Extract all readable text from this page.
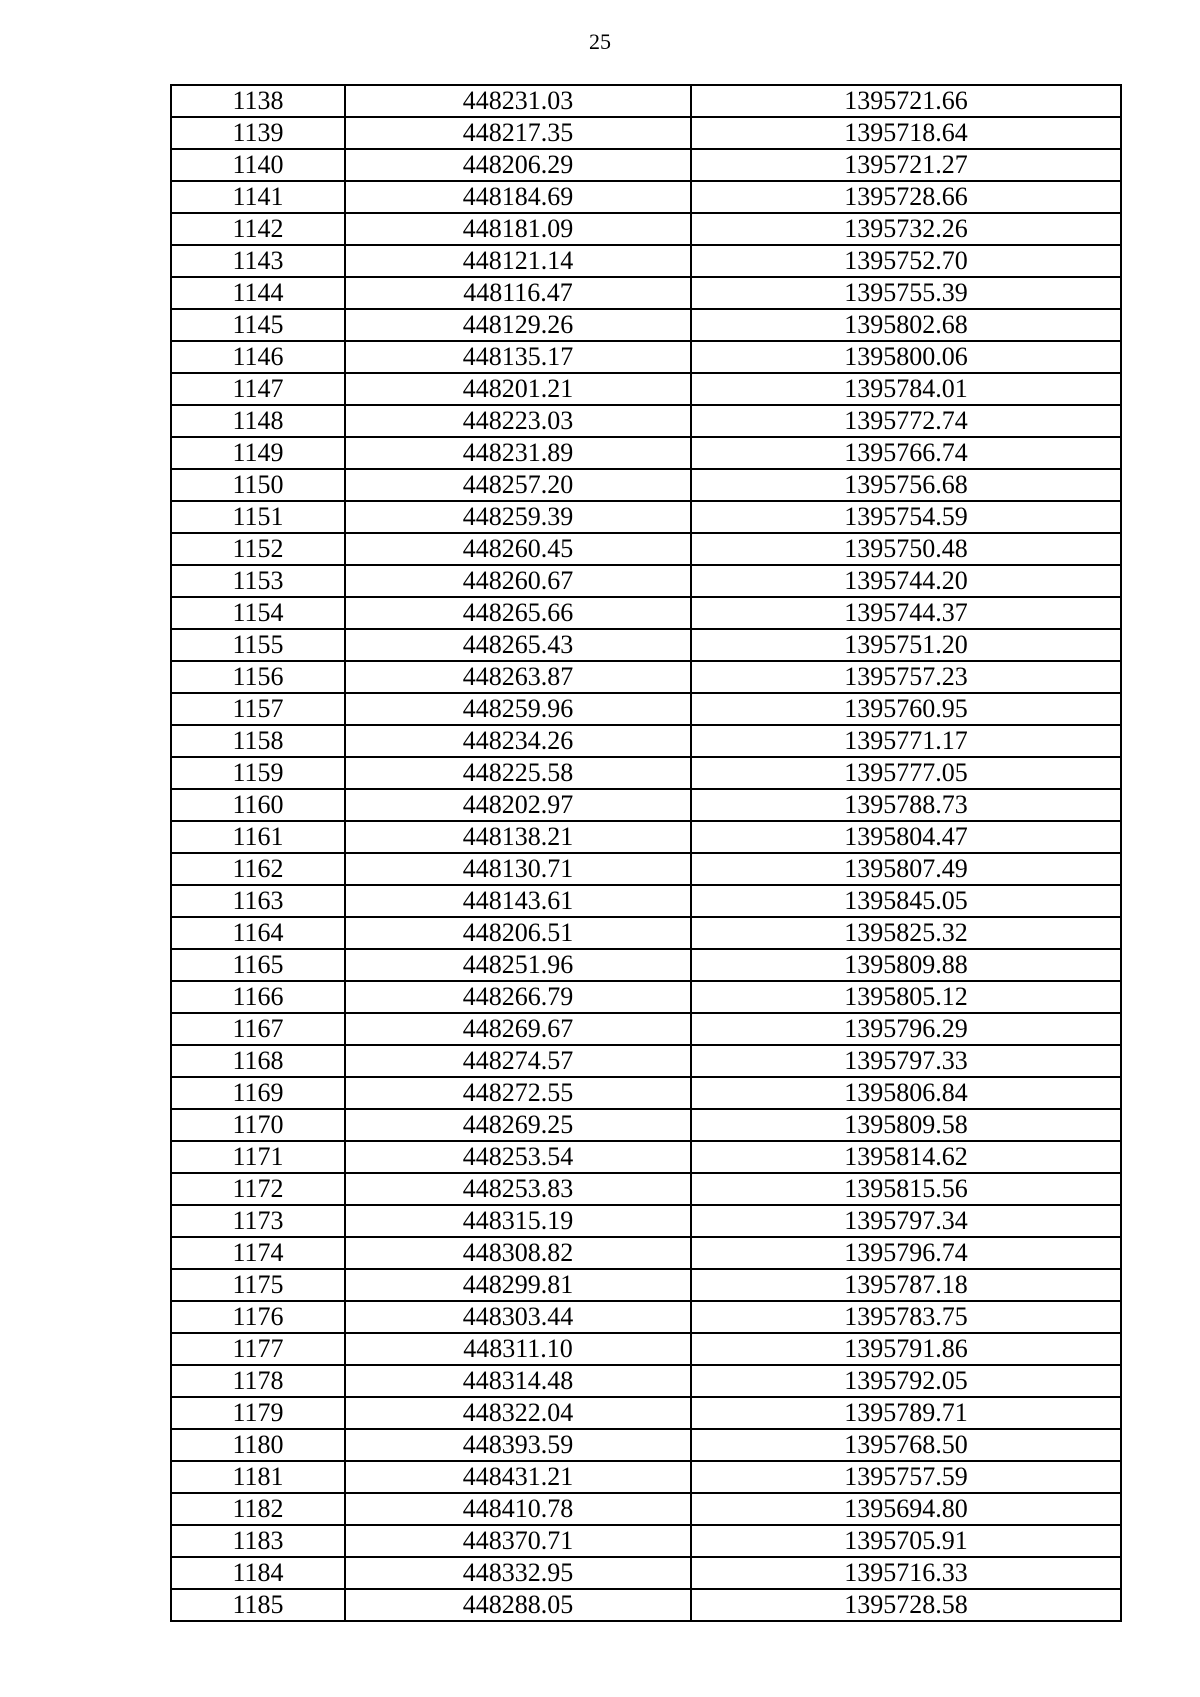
25
1138	448231.03	1395721.66
1139	448217.35	1395718.64
1140	448206.29	1395721.27
1141	448184.69	1395728.66
1142	448181.09	1395732.26
1143	448121.14	1395752.70
1144	448116.47	1395755.39
1145	448129.26	1395802.68
1146	448135.17	1395800.06
1147	448201.21	1395784.01
1148	448223.03	1395772.74
1149	448231.89	1395766.74
1150	448257.20	1395756.68
1151	448259.39	1395754.59
1152	448260.45	1395750.48
1153	448260.67	1395744.20
1154	448265.66	1395744.37
1155	448265.43	1395751.20
1156	448263.87	1395757.23
1157	448259.96	1395760.95
1158	448234.26	1395771.17
1159	448225.58	1395777.05
1160	448202.97	1395788.73
1161	448138.21	1395804.47
1162	448130.71	1395807.49
1163	448143.61	1395845.05
1164	448206.51	1395825.32
1165	448251.96	1395809.88
1166	448266.79	1395805.12
1167	448269.67	1395796.29
1168	448274.57	1395797.33
1169	448272.55	1395806.84
1170	448269.25	1395809.58
1171	448253.54	1395814.62
1172	448253.83	1395815.56
1173	448315.19	1395797.34
1174	448308.82	1395796.74
1175	448299.81	1395787.18
1176	448303.44	1395783.75
1177	448311.10	1395791.86
1178	448314.48	1395792.05
1179	448322.04	1395789.71
1180	448393.59	1395768.50
1181	448431.21	1395757.59
1182	448410.78	1395694.80
1183	448370.71	1395705.91
1184	448332.95	1395716.33
1185	448288.05	1395728.58
